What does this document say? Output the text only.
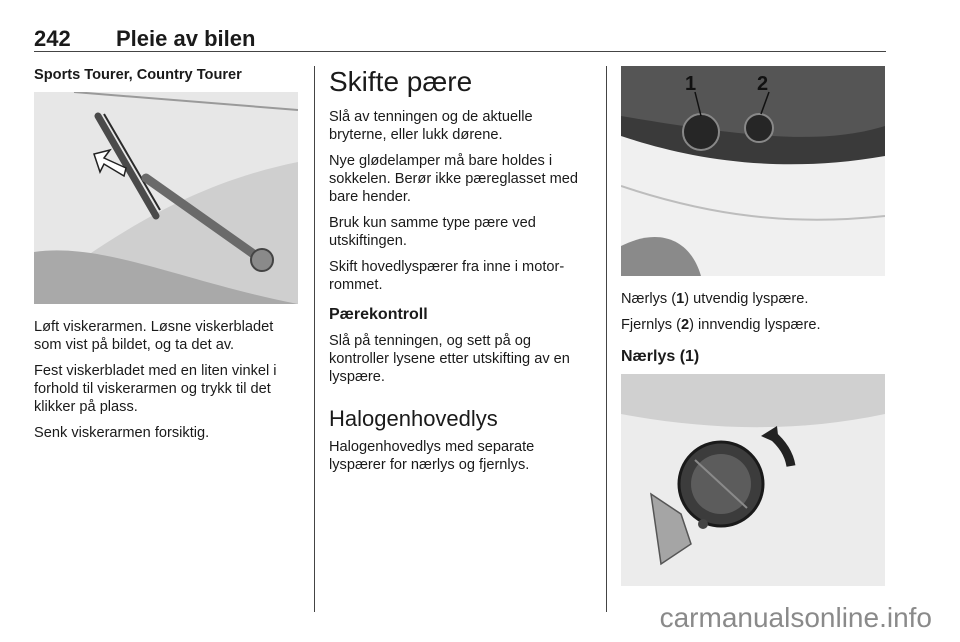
242 Pleie av bilen
Sports Tourer, Country Tourer

Løft viskerarmen. Løsne viskerbladet som vist på bildet, og ta det av.

Fest viskerbladet med en liten vinkel i forhold til viskerarmen og trykk til det klikker på plass.

Senk viskerarmen forsiktig.

Skifte pære

Slå av tenningen og de aktuelle bryterne, eller lukk dørene.

Nye glødelamper må bare holdes i sokkelen. Berør ikke pæreglasset med bare hender.

Bruk kun samme type pære ved utskiftingen.

Skift hovedlyspærer fra inne i motor-rommet.

Pærekontroll

Slå på tenningen, og sett på og kontroller lysene etter utskifting av en lyspære.

Halogenhovedlys

Halogenhovedlys med separate lyspærer for nærlys og fjernlys.

1	2

Nærlys (1) utvendig lyspære.

Fjernlys (2) innvendig lyspære.

Nærlys (1)
carmanualsonline.info
